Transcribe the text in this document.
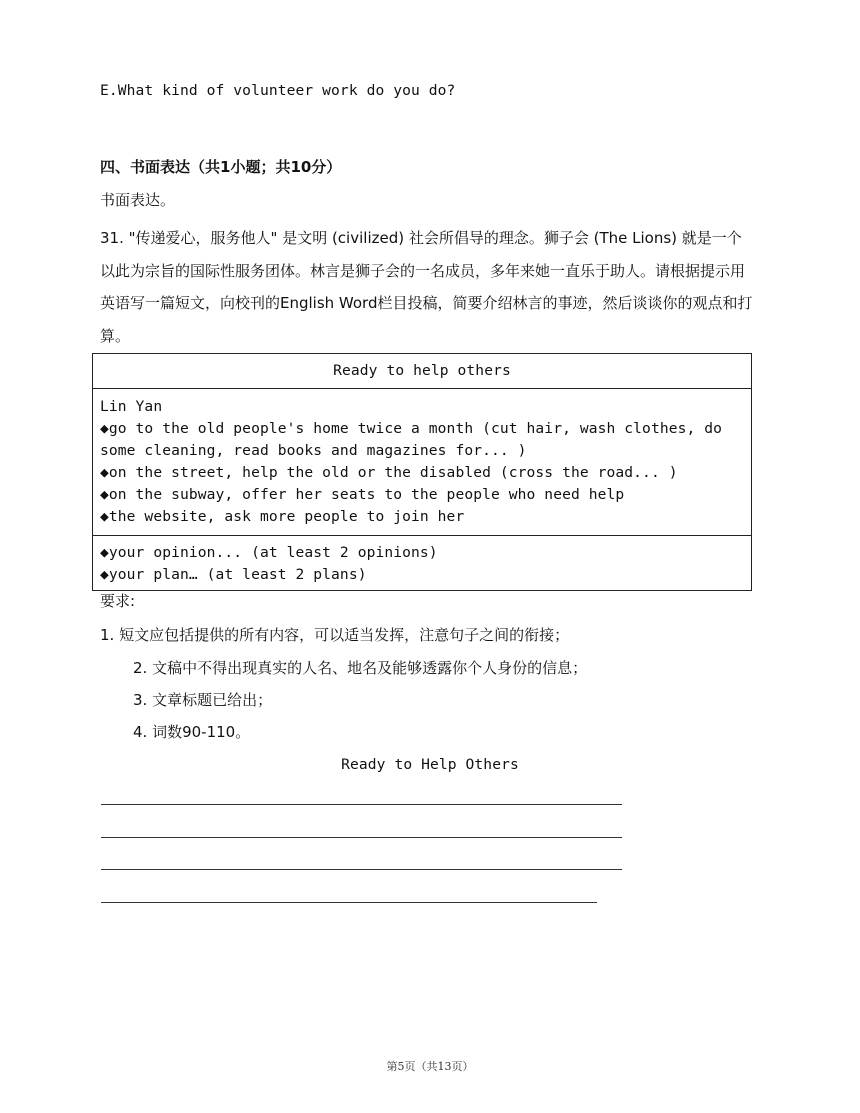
E.What kind of volunteer work do you do?
四、书面表达（共1小题；共10分）
书面表达。
31. "传递爱心，服务他人" 是文明 (civilized) 社会所倡导的理念。狮子会 (The Lions) 就是一个以此为宗旨的国际性服务团体。林言是狮子会的一名成员，多年来她一直乐于助人。请根据提示用英语写一篇短文，向校刊的English Word栏目投稿，简要介绍林言的事迹，然后谈谈你的观点和打算。
Ready to help others
Lin Yan
◆go to the old people's home twice a month (cut hair, wash clothes, do some cleaning, read books and magazines for... )
◆on the street, help the old or the disabled (cross the road... )
◆on the subway, offer her seats to the people who need help
◆the website, ask more people to join her
◆your opinion... (at least 2 opinions)
◆your plan… (at least 2 plans)
要求:
1. 短文应包括提供的所有内容，可以适当发挥，注意句子之间的衔接；
2. 文稿中不得出现真实的人名、地名及能够透露你个人身份的信息；
3. 文章标题已给出；
4. 词数90-110。
Ready to Help Others
第5页（共13页）
